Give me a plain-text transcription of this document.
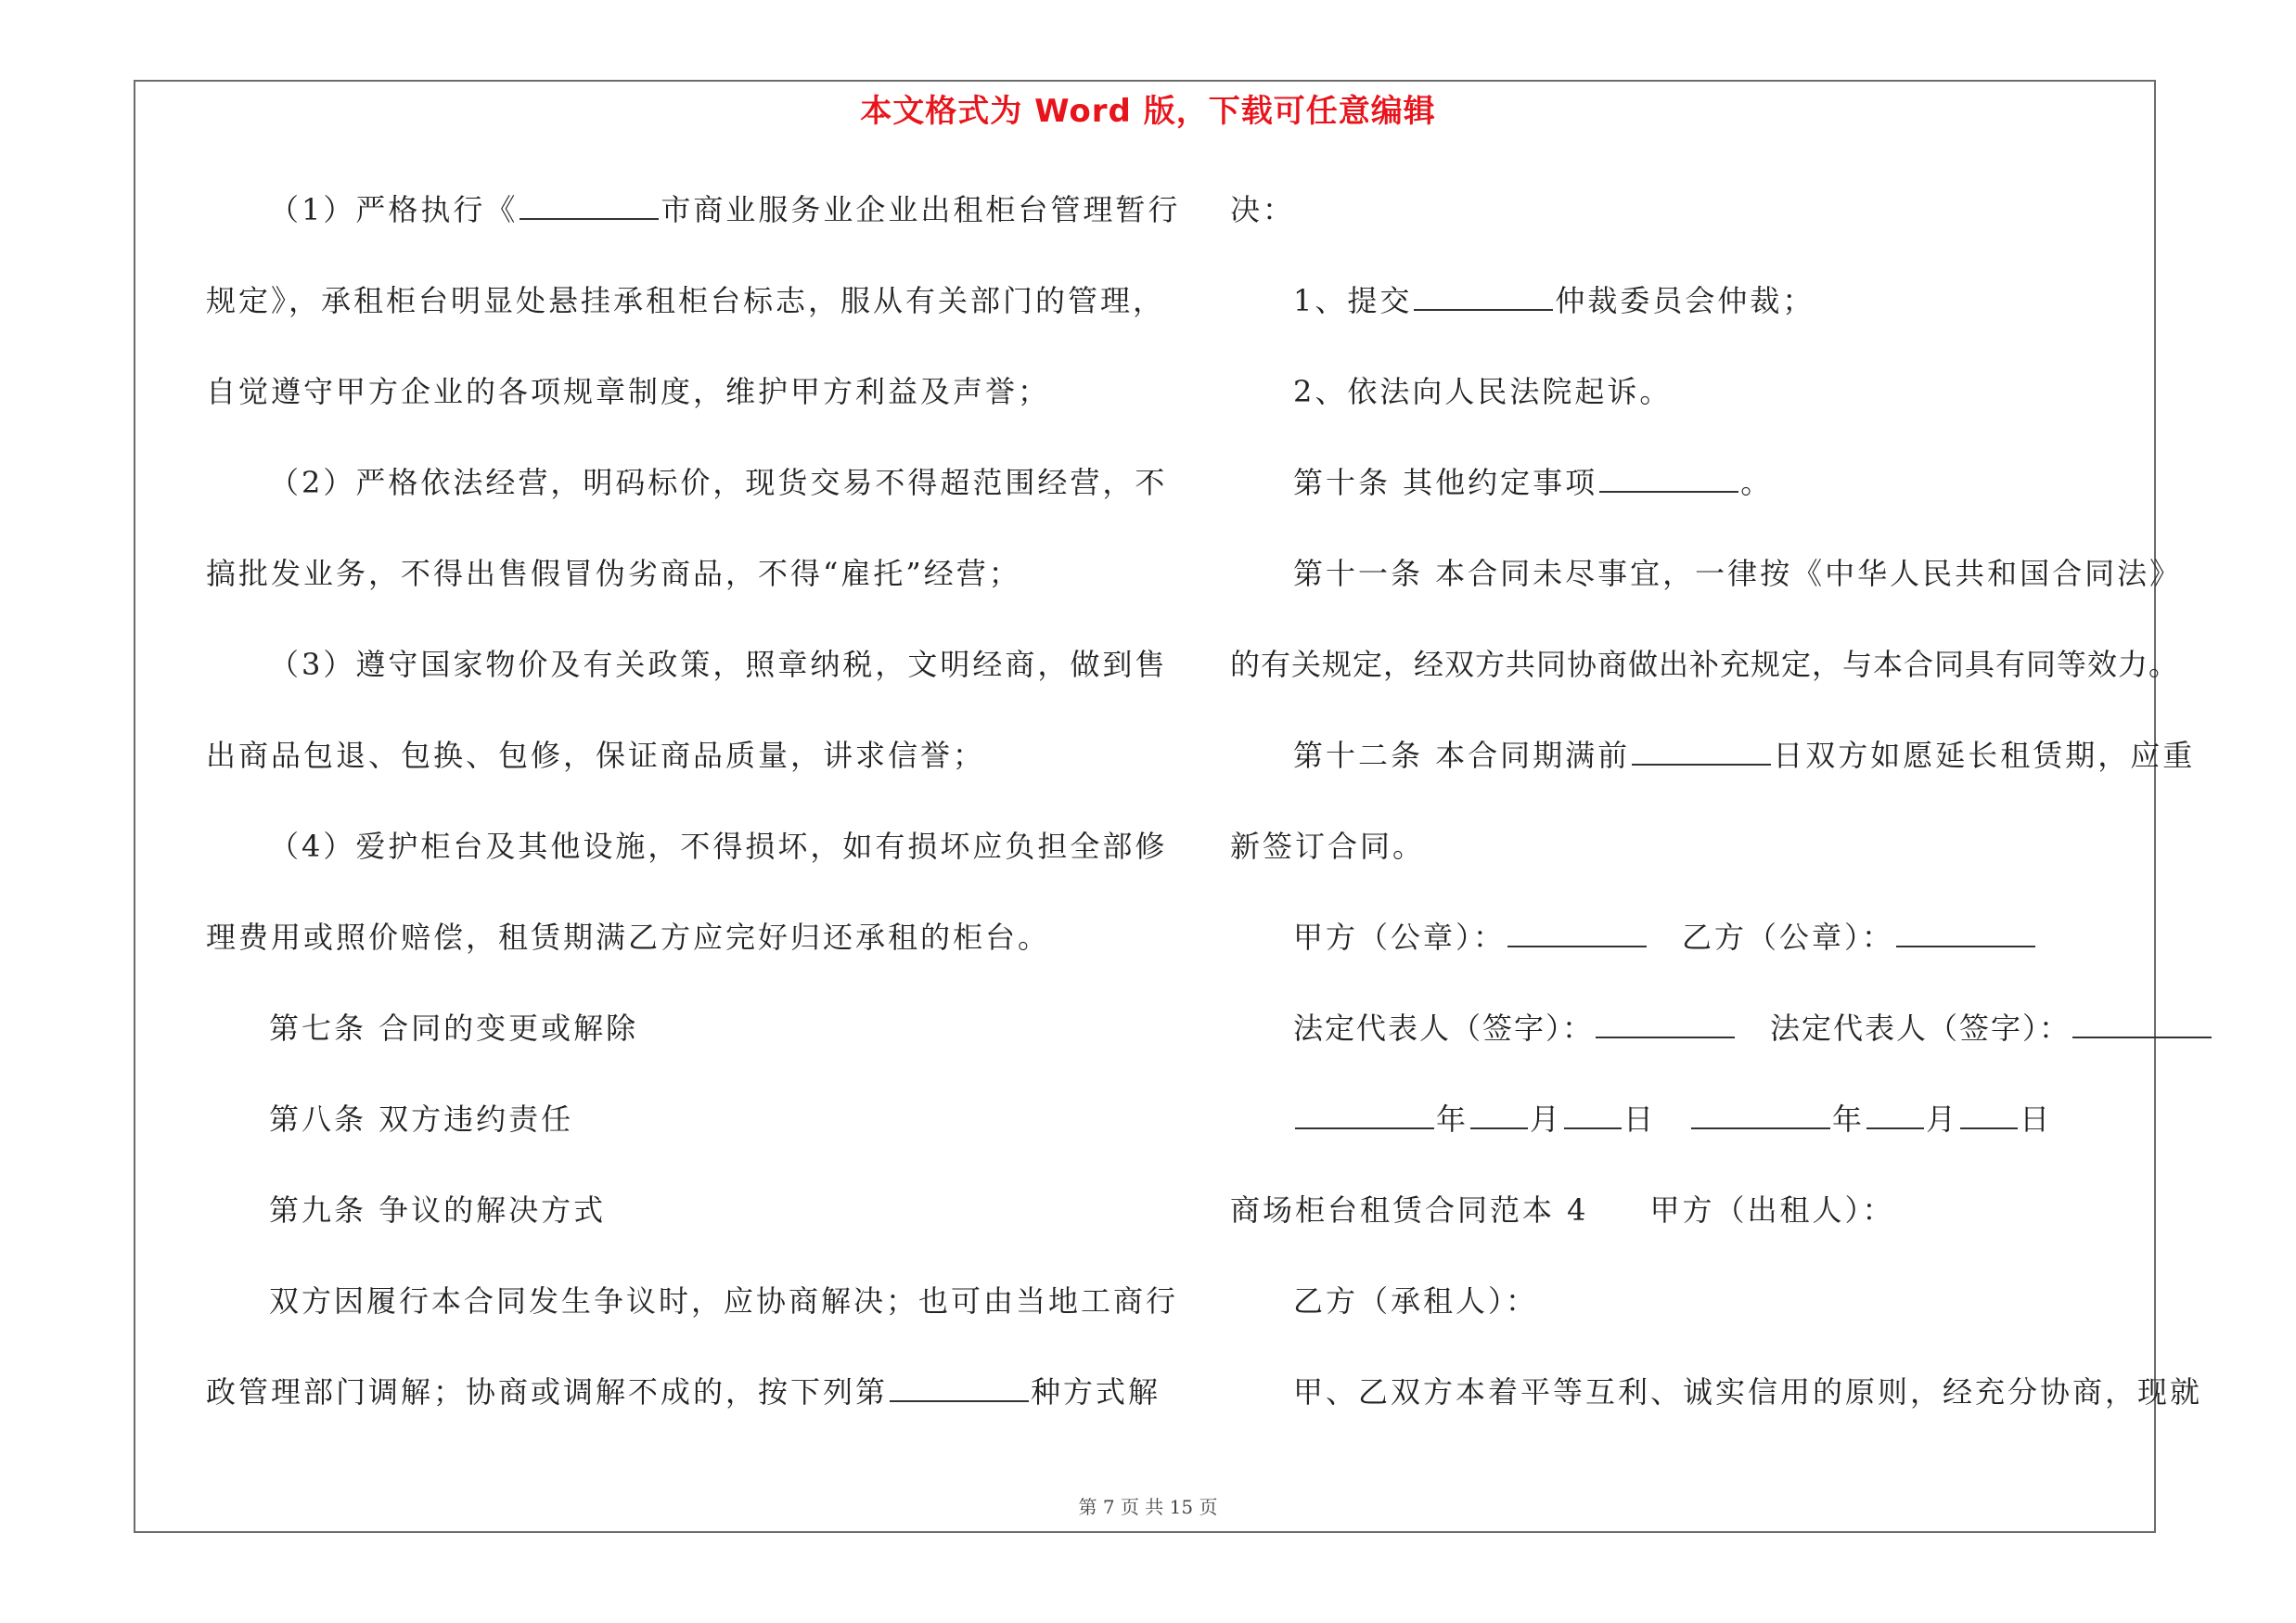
本文格式为 Word 版，下载可任意编辑
（1）严格执行《	市商业服务业企业出租柜台管理暂行
规定》，承租柜台明显处悬挂承租柜台标志，服从有关部门的管理，
自觉遵守甲方企业的各项规章制度，维护甲方利益及声誉；
（2）严格依法经营，明码标价，现货交易不得超范围经营，不
搞批发业务，不得出售假冒伪劣商品，不得“雇托”经营；
（3）遵守国家物价及有关政策，照章纳税，文明经商，做到售
出商品包退、包换、包修，保证商品质量，讲求信誉；
（4）爱护柜台及其他设施，不得损坏，如有损坏应负担全部修
理费用或照价赔偿，租赁期满乙方应完好归还承租的柜台。
第七条 合同的变更或解除
第八条 双方违约责任
第九条 争议的解决方式
双方因履行本合同发生争议时，应协商解决；也可由当地工商行
政管理部门调解；协商或调解不成的，按下列第	种方式解
决：
1、提交	仲裁委员会仲裁；
2、依法向人民法院起诉。
第十条 其他约定事项	。
第十一条 本合同未尽事宜，一律按《中华人民共和国合同法》
的有关规定，经双方共同协商做出补充规定，与本合同具有同等效力。
第十二条 本合同期满前	日双方如愿延长租赁期，应重
新签订合同。
甲方（公章）：	乙方（公章）：
法定代表人（签字）：	法定代表人（签字）：
年 月 日	年 月 日
商场柜台租赁合同范本 4 甲方（出租人）：
乙方（承租人）：
甲、乙双方本着平等互利、诚实信用的原则，经充分协商，现就
第 7 页 共 15 页
